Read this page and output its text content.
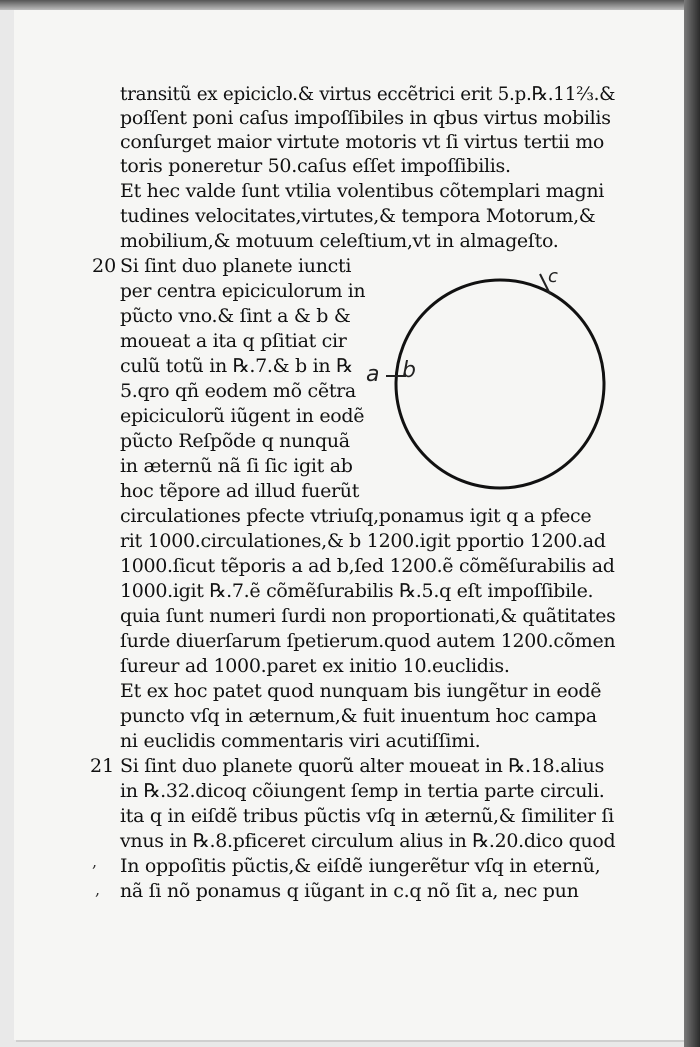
transitũ ex epiciclo.& virtus eccẽtrici erit 5.p.℞.11⅔.&
poſſent poni caſus impoſſibiles in qbus virtus mobilis
conſurget maior virtute motoris vt ſi virtus tertii mo
toris poneretur 50.caſus eſſet impoſſibilis.
Et hec valde ſunt vtilia volentibus cõtemplari magni
tudines velocitates,virtutes,& tempora Motorum,&
mobilium,& motuum celeſtium,vt in almageſto.
20 Si ſint duo planete iuncti
per centra epiciculorum in
pũcto vno.& ſint a & b &
moueat a ita q pſitiat cir
culũ totũ in ℞.7.& b in ℞
5.qro qñ eodem mõ cẽtra
epiciculorũ iũgent in eodẽ
pũcto Reſpõde q nunquã
in æternũ nã ſi ſic igit ab
hoc tẽpore ad illud fuerũt
circulationes pfecte vtriuſq,ponamus igit q a pfece
rit 1000.circulationes,& b 1200.igit pportio 1200.ad
1000.ſicut tẽporis a ad b,ſed 1200.ẽ cõmẽſurabilis ad
1000.igit ℞.7.ẽ cõmẽſurabilis ℞.5.q eſt impoſſibile.
quia ſunt numeri ſurdi non proportionati,& quãtitates
ſurde diuerſarum ſpetierum.quod autem 1200.cõmen
ſureur ad 1000.paret ex initio 10.euclidis.
Et ex hoc patet quod nunquam bis iungẽtur in eodẽ
puncto vſq in æternum,& fuit inuentum hoc campa
ni euclidis commentaris viri acutiſſimi.
21 Si ſint duo planete quorũ alter moueat in ℞.18.alius
in ℞.32.dicoq cõiungent ſemp in tertia parte circuli.
ita q in eiſdẽ tribus pũctis vſq in æternũ,& ſimiliter ſi
vnus in ℞.8.pficeret circulum alius in ℞.20.dico quod
In oppoſitis pũctis,& eiſdẽ iungerẽtur vſq in eternũ,
nã ſi nõ ponamus q iũgant in c.q nõ ſit a, nec pun
,
,
a b
c
